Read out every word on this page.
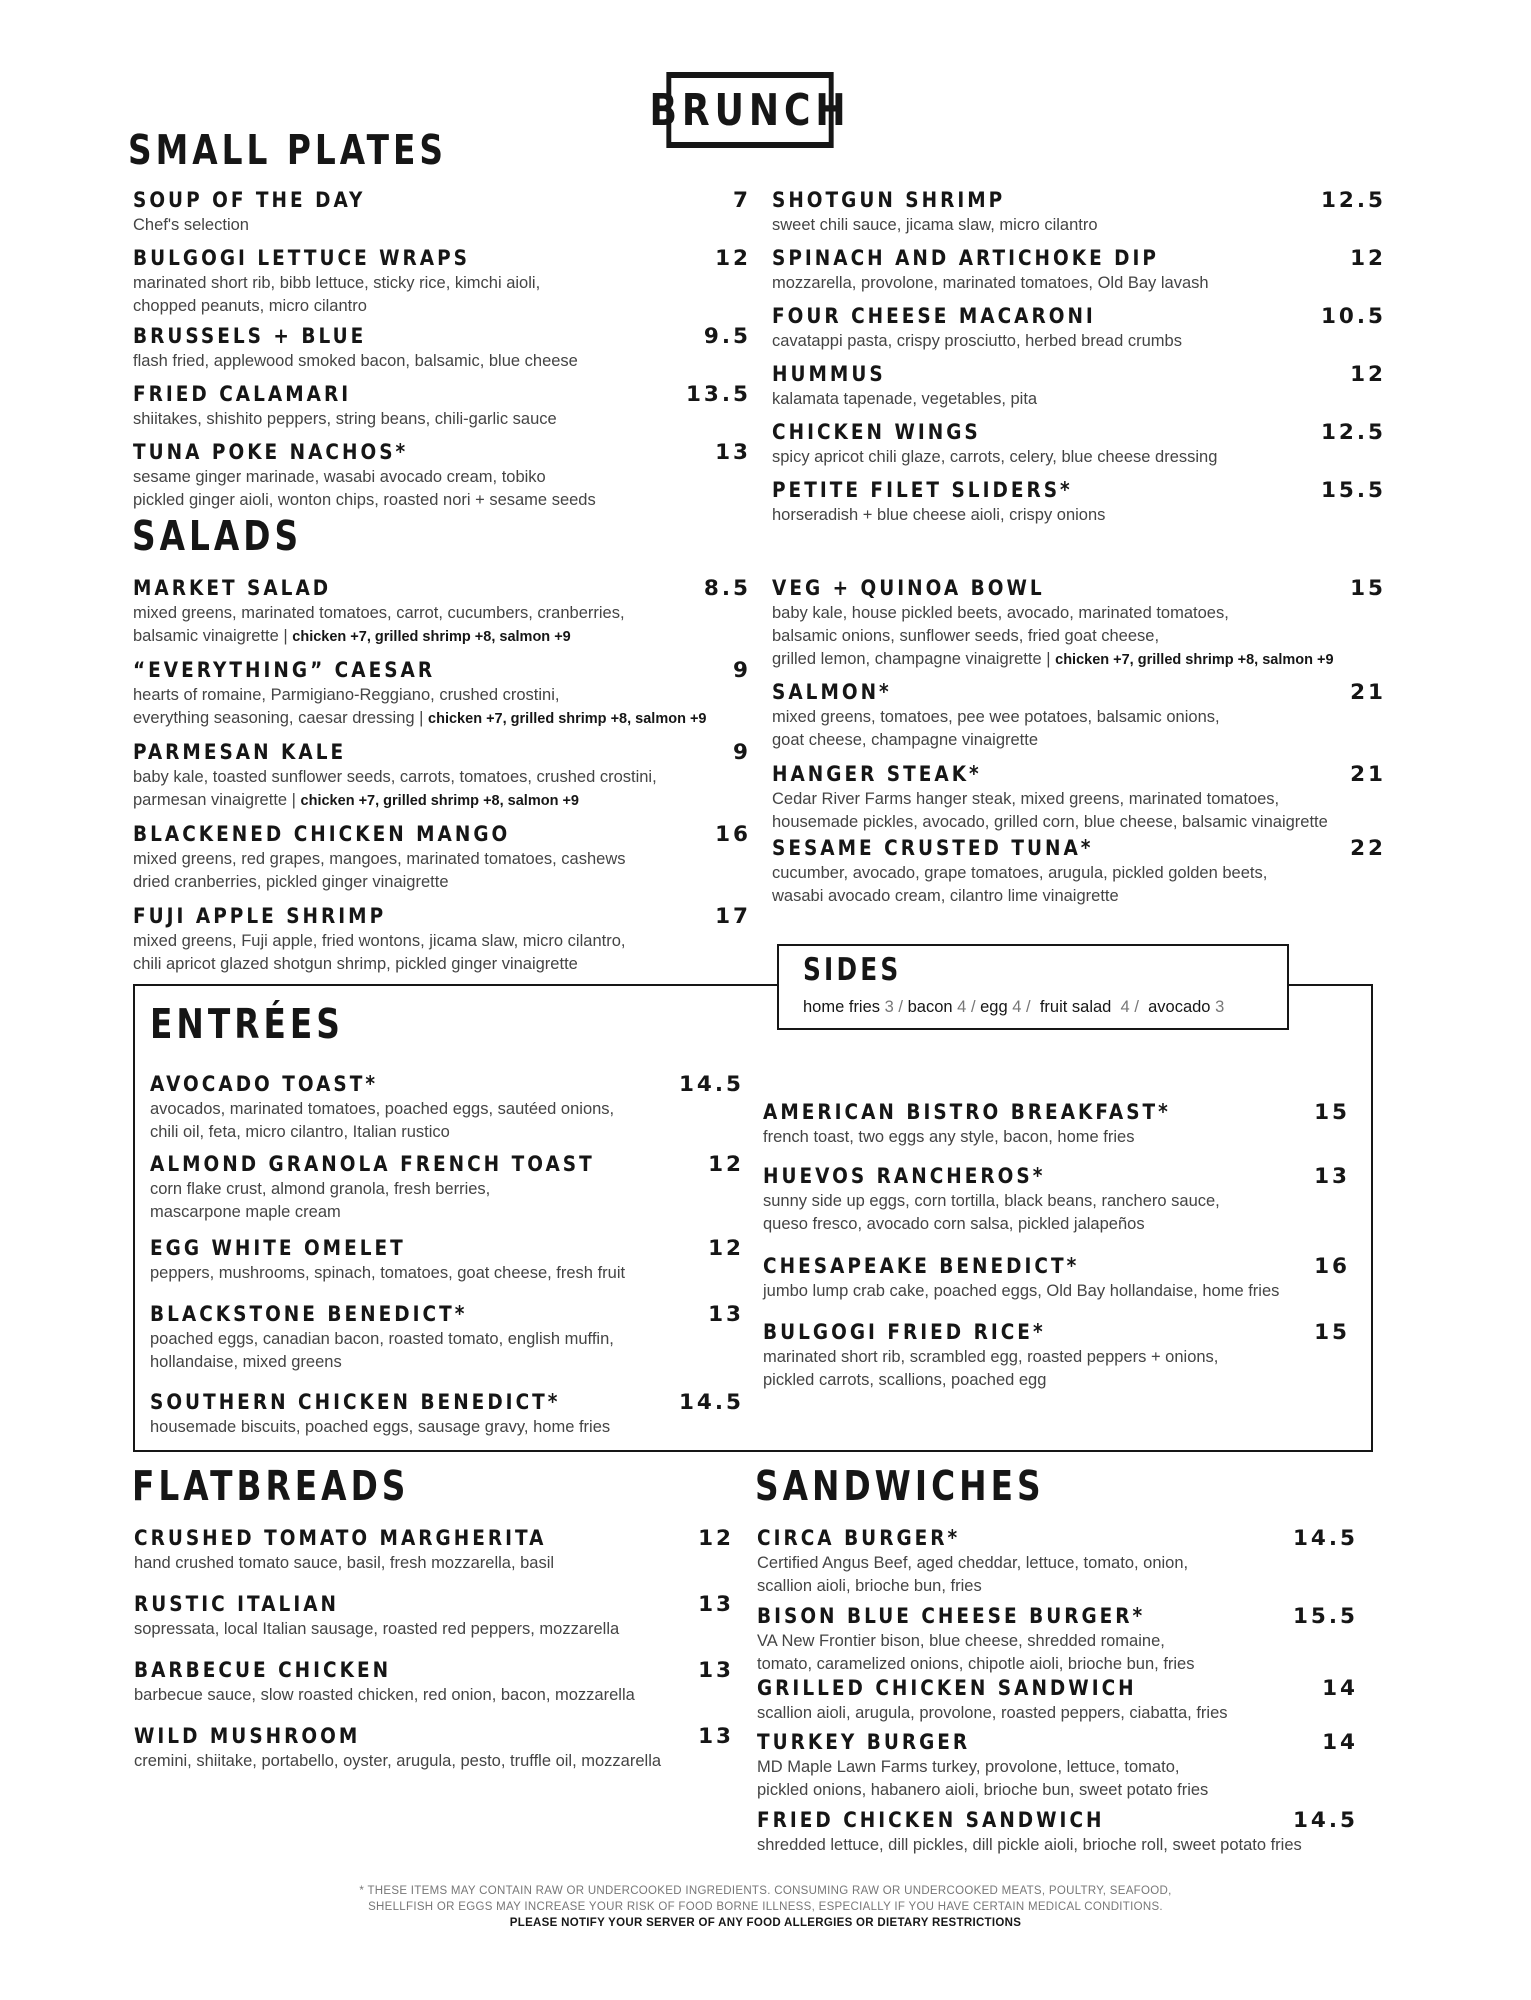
BRUNCH
SMALL PLATES
SALADS
ENTRÉES
FLATBREADS	SANDWICHES
SIDES
home fries 3 / bacon 4 / egg 4 / fruit salad 4 / avocado 3
SOUP OF THE DAY	7
Chef's selection
BULGOGI LETTUCE WRAPS	12
marinated short rib, bibb lettuce, sticky rice, kimchi aioli,
chopped peanuts, micro cilantro
BRUSSELS + BLUE	9.5
flash fried, applewood smoked bacon, balsamic, blue cheese
FRIED CALAMARI	13.5
shiitakes, shishito peppers, string beans, chili-garlic sauce
TUNA POKE NACHOS*	13
sesame ginger marinade, wasabi avocado cream, tobiko
pickled ginger aioli, wonton chips, roasted nori + sesame seeds
SHOTGUN SHRIMP	12.5
sweet chili sauce, jicama slaw, micro cilantro
SPINACH AND ARTICHOKE DIP	12
mozzarella, provolone, marinated tomatoes, Old Bay lavash
FOUR CHEESE MACARONI	10.5
cavatappi pasta, crispy prosciutto, herbed bread crumbs
HUMMUS	12
kalamata tapenade, vegetables, pita
CHICKEN WINGS	12.5
spicy apricot chili glaze, carrots, celery, blue cheese dressing
PETITE FILET SLIDERS*	15.5
horseradish + blue cheese aioli, crispy onions
MARKET SALAD	8.5
mixed greens, marinated tomatoes, carrot, cucumbers, cranberries,
balsamic vinaigrette | chicken +7, grilled shrimp +8, salmon +9
“EVERYTHING” CAESAR	9
hearts of romaine, Parmigiano-Reggiano, crushed crostini,
everything seasoning, caesar dressing | chicken +7, grilled shrimp +8, salmon +9
PARMESAN KALE	9
baby kale, toasted sunflower seeds, carrots, tomatoes, crushed crostini,
parmesan vinaigrette | chicken +7, grilled shrimp +8, salmon +9
BLACKENED CHICKEN MANGO	16
mixed greens, red grapes, mangoes, marinated tomatoes, cashews
dried cranberries, pickled ginger vinaigrette
FUJI APPLE SHRIMP	17
mixed greens, Fuji apple, fried wontons, jicama slaw, micro cilantro,
chili apricot glazed shotgun shrimp, pickled ginger vinaigrette
VEG + QUINOA BOWL	15
baby kale, house pickled beets, avocado, marinated tomatoes,
balsamic onions, sunflower seeds, fried goat cheese,
grilled lemon, champagne vinaigrette | chicken +7, grilled shrimp +8, salmon +9
SALMON*	21
mixed greens, tomatoes, pee wee potatoes, balsamic onions,
goat cheese, champagne vinaigrette
HANGER STEAK*	21
Cedar River Farms hanger steak, mixed greens, marinated tomatoes,
housemade pickles, avocado, grilled corn, blue cheese, balsamic vinaigrette
SESAME CRUSTED TUNA*	22
cucumber, avocado, grape tomatoes, arugula, pickled golden beets,
wasabi avocado cream, cilantro lime vinaigrette
AVOCADO TOAST*	14.5
avocados, marinated tomatoes, poached eggs, sautéed onions,
chili oil, feta, micro cilantro, Italian rustico
ALMOND GRANOLA FRENCH TOAST	12
corn flake crust, almond granola, fresh berries,
mascarpone maple cream
EGG WHITE OMELET	12
peppers, mushrooms, spinach, tomatoes, goat cheese, fresh fruit
BLACKSTONE BENEDICT*	13
poached eggs, canadian bacon, roasted tomato, english muffin,
hollandaise, mixed greens
SOUTHERN CHICKEN BENEDICT*	14.5
housemade biscuits, poached eggs, sausage gravy, home fries
AMERICAN BISTRO BREAKFAST*	15
french toast, two eggs any style, bacon, home fries
HUEVOS RANCHEROS*	13
sunny side up eggs, corn tortilla, black beans, ranchero sauce,
queso fresco, avocado corn salsa, pickled jalapeños
CHESAPEAKE BENEDICT*	16
jumbo lump crab cake, poached eggs, Old Bay hollandaise, home fries
BULGOGI FRIED RICE*	15
marinated short rib, scrambled egg, roasted peppers + onions,
pickled carrots, scallions, poached egg
CRUSHED TOMATO MARGHERITA	12
hand crushed tomato sauce, basil, fresh mozzarella, basil
RUSTIC ITALIAN	13
sopressata, local Italian sausage, roasted red peppers, mozzarella
BARBECUE CHICKEN	13
barbecue sauce, slow roasted chicken, red onion, bacon, mozzarella
WILD MUSHROOM	13
cremini, shiitake, portabello, oyster, arugula, pesto, truffle oil, mozzarella
CIRCA BURGER*	14.5
Certified Angus Beef, aged cheddar, lettuce, tomato, onion,
scallion aioli, brioche bun, fries
BISON BLUE CHEESE BURGER*	15.5
VA New Frontier bison, blue cheese, shredded romaine,
tomato, caramelized onions, chipotle aioli, brioche bun, fries
GRILLED CHICKEN SANDWICH	14
scallion aioli, arugula, provolone, roasted peppers, ciabatta, fries
TURKEY BURGER	14
MD Maple Lawn Farms turkey, provolone, lettuce, tomato,
pickled onions, habanero aioli, brioche bun, sweet potato fries
FRIED CHICKEN SANDWICH	14.5
shredded lettuce, dill pickles, dill pickle aioli, brioche roll, sweet potato fries
* THESE ITEMS MAY CONTAIN RAW OR UNDERCOOKED INGREDIENTS. CONSUMING RAW OR UNDERCOOKED MEATS, POULTRY, SEAFOOD,
SHELLFISH OR EGGS MAY INCREASE YOUR RISK OF FOOD BORNE ILLNESS, ESPECIALLY IF YOU HAVE CERTAIN MEDICAL CONDITIONS.
PLEASE NOTIFY YOUR SERVER OF ANY FOOD ALLERGIES OR DIETARY RESTRICTIONS
